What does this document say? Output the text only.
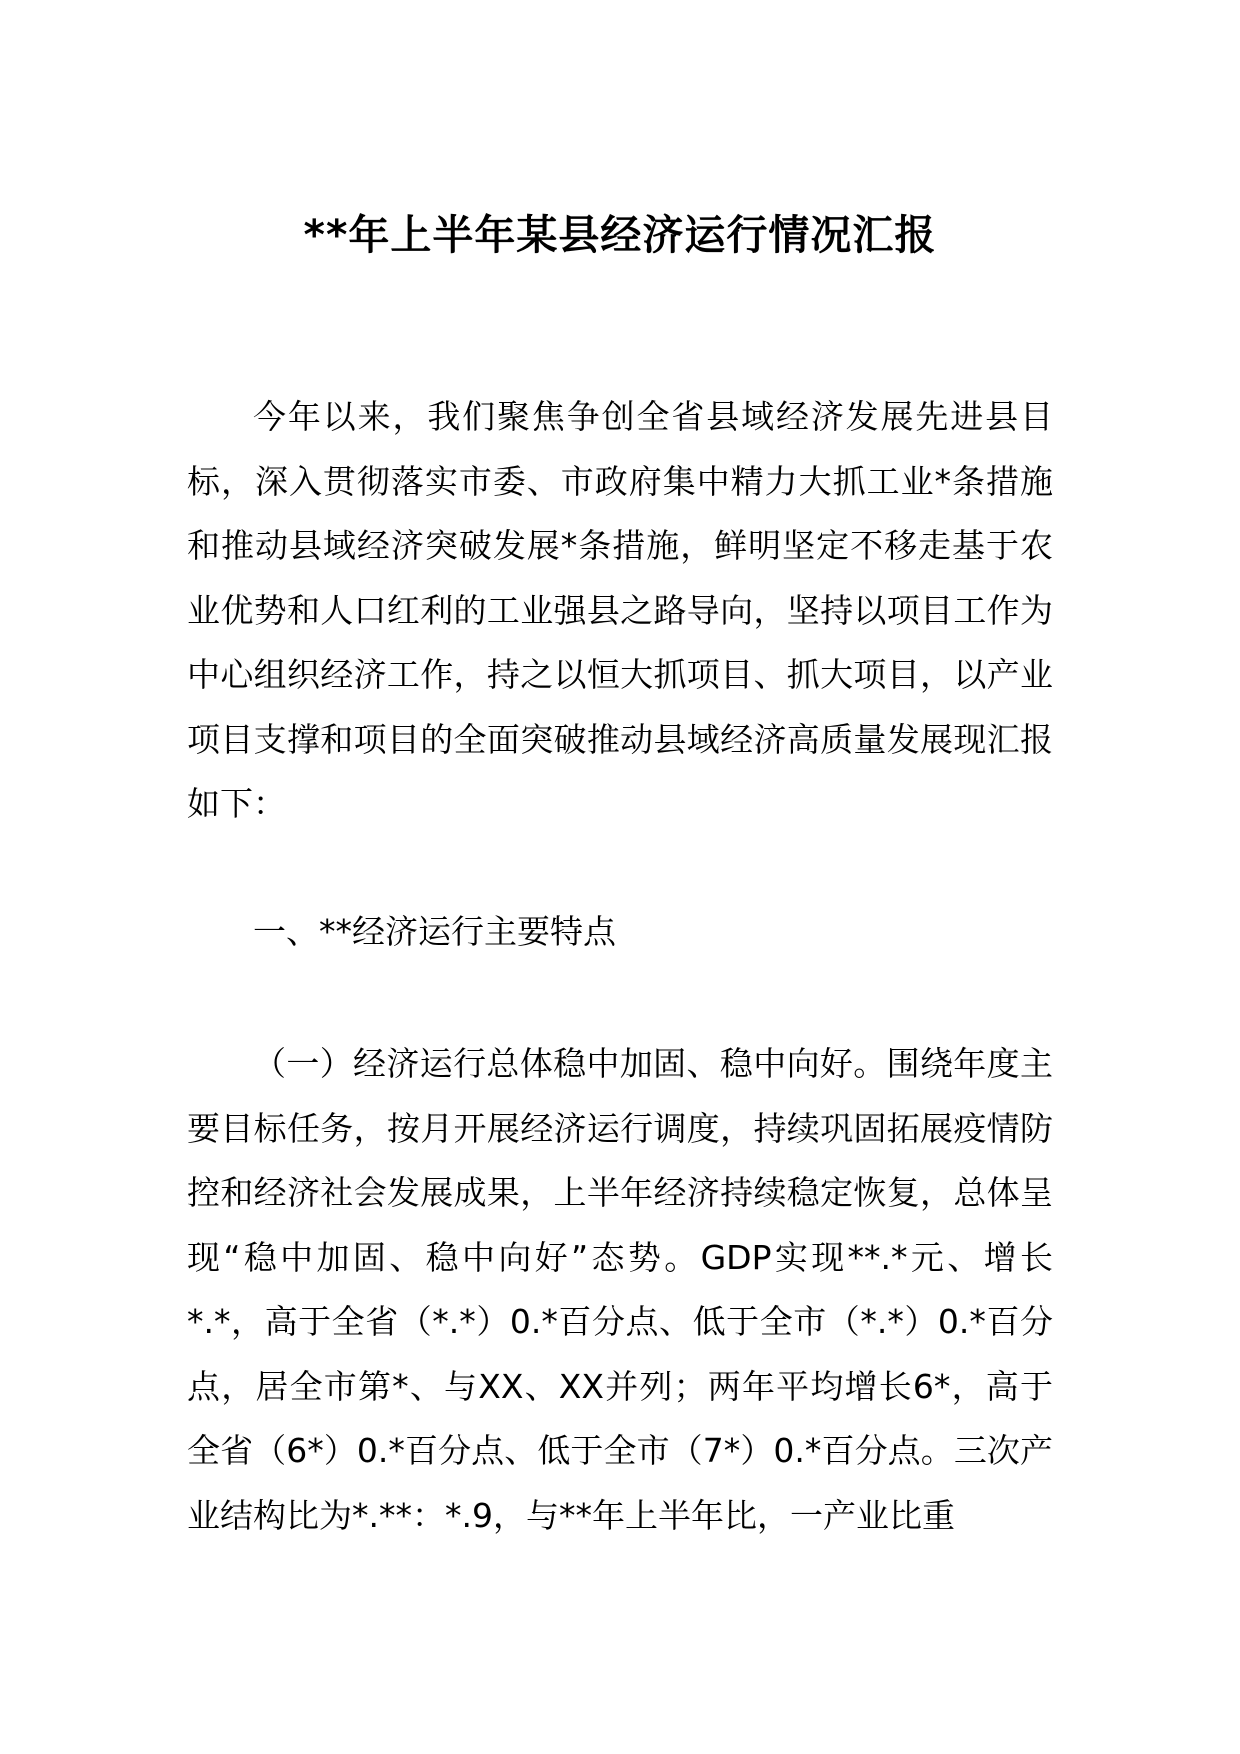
**年上半年某县经济运行情况汇报

今年以来，我们聚焦争创全省县域经济发展先进县目标，深入贯彻落实市委、市政府集中精力大抓工业*条措施和推动县域经济突破发展*条措施，鲜明坚定不移走基于农业优势和人口红利的工业强县之路导向，坚持以项目工作为中心组织经济工作，持之以恒大抓项目、抓大项目，以产业项目支撑和项目的全面突破推动县域经济高质量发展现汇报如下：

一、**经济运行主要特点

（一）经济运行总体稳中加固、稳中向好。围绕年度主要目标任务，按月开展经济运行调度，持续巩固拓展疫情防控和经济社会发展成果，上半年经济持续稳定恢复，总体呈现“稳中加固、稳中向好”态势。GDP实现**.*元、增长*.*，高于全省（*.*）0.*百分点、低于全市（*.*）0.*百分点，居全市第*、与XX、XX并列；两年平均增长6*，高于全省（6*）0.*百分点、低于全市（7*）0.*百分点。三次产业结构比为*.**：*.9，与**年上半年比，一产业比重
